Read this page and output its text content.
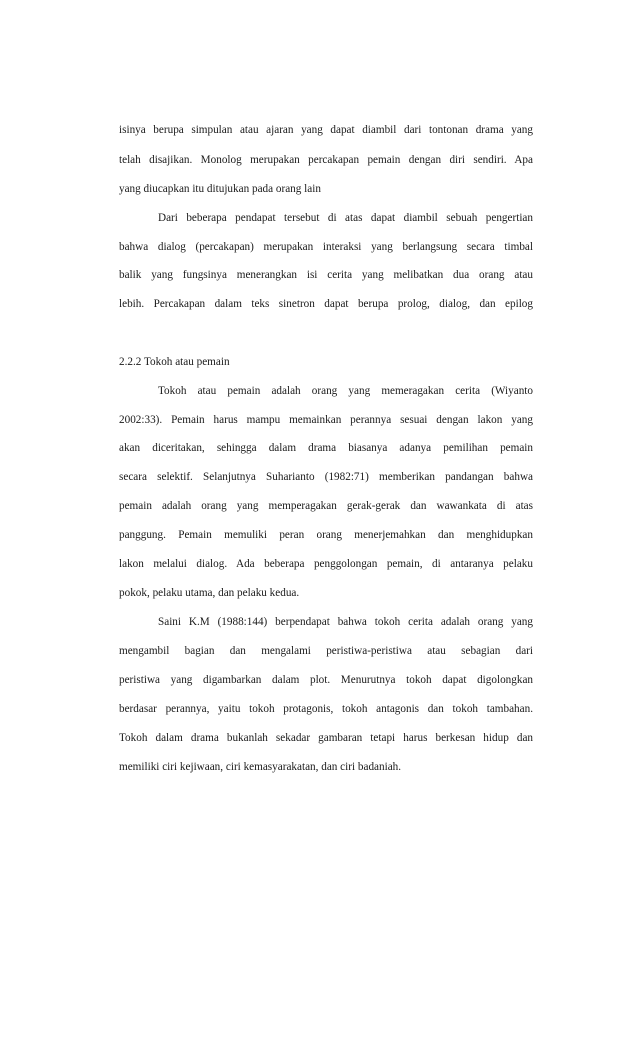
isinya berupa simpulan atau ajaran yang dapat diambil dari tontonan drama yang
telah disajikan. Monolog merupakan percakapan pemain dengan diri sendiri. Apa
yang diucapkan itu ditujukan pada orang lain
Dari beberapa pendapat tersebut di atas dapat diambil sebuah pengertian
bahwa dialog (percakapan) merupakan interaksi yang berlangsung secara timbal
balik yang fungsinya menerangkan isi cerita yang melibatkan dua orang atau
lebih. Percakapan dalam teks sinetron dapat berupa prolog, dialog, dan epilog
2.2.2 Tokoh atau pemain
Tokoh atau pemain adalah orang yang memeragakan cerita (Wiyanto
2002:33). Pemain harus mampu memainkan perannya sesuai dengan lakon yang
akan diceritakan, sehingga dalam drama biasanya adanya pemilihan pemain
secara selektif. Selanjutnya Suharianto (1982:71) memberikan pandangan bahwa
pemain adalah orang yang memperagakan gerak-gerak dan wawankata di atas
panggung. Pemain memuliki peran orang menerjemahkan dan menghidupkan
lakon melalui dialog. Ada beberapa penggolongan pemain, di antaranya pelaku
pokok, pelaku utama, dan pelaku kedua.
Saini K.M (1988:144) berpendapat bahwa tokoh cerita adalah orang yang
mengambil bagian dan mengalami peristiwa-peristiwa atau sebagian dari
peristiwa yang digambarkan dalam plot. Menurutnya tokoh dapat digolongkan
berdasar perannya, yaitu tokoh protagonis, tokoh antagonis dan tokoh tambahan.
Tokoh dalam drama bukanlah sekadar gambaran tetapi harus berkesan hidup dan
memiliki ciri kejiwaan, ciri kemasyarakatan, dan ciri badaniah.
